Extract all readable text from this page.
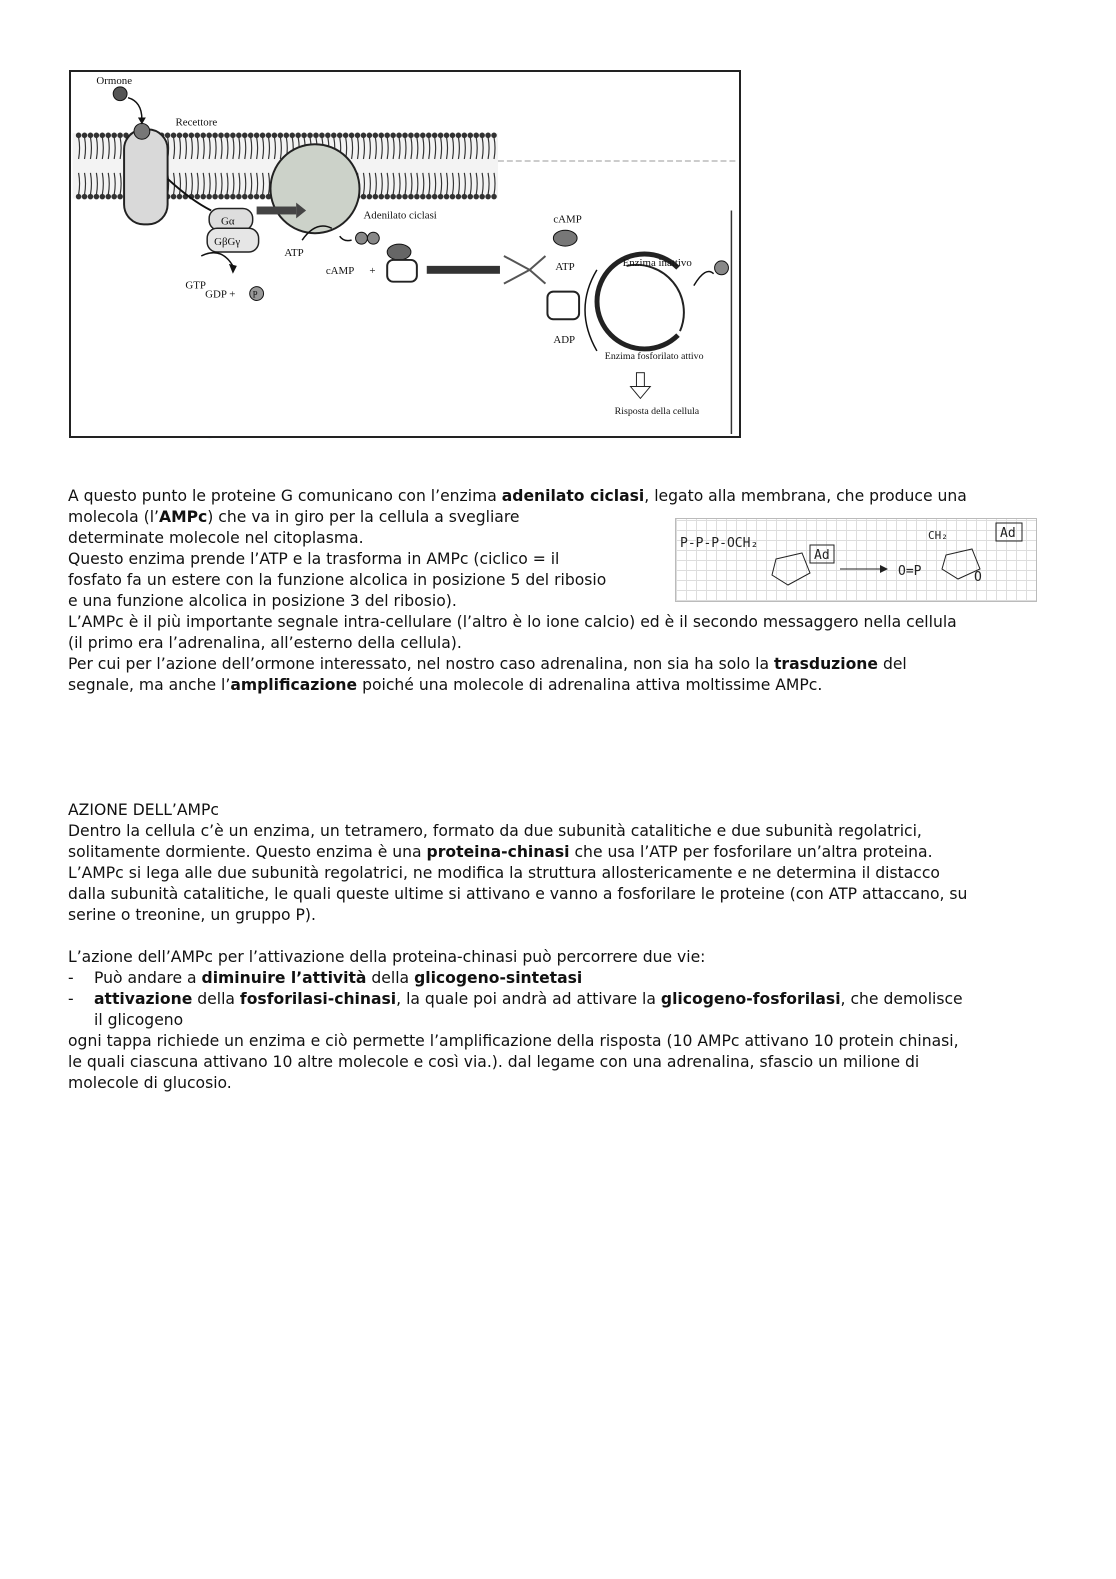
Ormone
Recettore
Adenilato ciclasi
Gα
GβGγ
GTP
GDP + P
ATP
cAMP +
cAMP
ATP
ADP
Enzima inattivo
Enzima fosforilato attivo
Risposta della cellula
P-P-P-OCH₂
Ad
O=P
CH₂	Ad
O

A questo punto le proteine G comunicano con l’enzima adenilato ciclasi, legato alla membrana, che produce una

molecola (l’AMPc) che va in giro per la cellula a svegliare

determinate molecole nel citoplasma.

Questo enzima prende l’ATP e la trasforma in AMPc (ciclico = il

fosfato fa un estere con la funzione alcolica in posizione 5 del ribosio

e una funzione alcolica in posizione 3 del ribosio).

L’AMPc è il più importante segnale intra-cellulare (l’altro è lo ione calcio) ed è il secondo messaggero nella cellula

(il primo era l’adrenalina, all’esterno della cellula).

Per cui per l’azione dell’ormone interessato, nel nostro caso adrenalina, non sia ha solo la trasduzione del

segnale, ma anche l’amplificazione poiché una molecole di adrenalina attiva moltissime AMPc.

AZIONE DELL’AMPc

Dentro la cellula c’è un enzima, un tetramero, formato da due subunità catalitiche e due subunità regolatrici,

solitamente dormiente. Questo enzima è una proteina-chinasi che usa l’ATP per fosforilare un’altra proteina.

L’AMPc si lega alle due subunità regolatrici, ne modifica la struttura allostericamente e ne determina il distacco

dalla subunità catalitiche, le quali queste ultime si attivano e vanno a fosforilare le proteine (con ATP attaccano, su

serine o treonine, un gruppo P).

L’azione dell’AMPc per l’attivazione della proteina-chinasi può percorrere due vie:

-	Può andare a diminuire l’attività della glicogeno-sintetasi
-	attivazione della fosforilasi-chinasi, la quale poi andrà ad attivare la glicogeno-fosforilasi, che demolisce
il glicogeno

ogni tappa richiede un enzima e ciò permette l’amplificazione della risposta (10 AMPc attivano 10 protein chinasi,

le quali ciascuna attivano 10 altre molecole e così via.). dal legame con una adrenalina, sfascio un milione di

molecole di glucosio.
